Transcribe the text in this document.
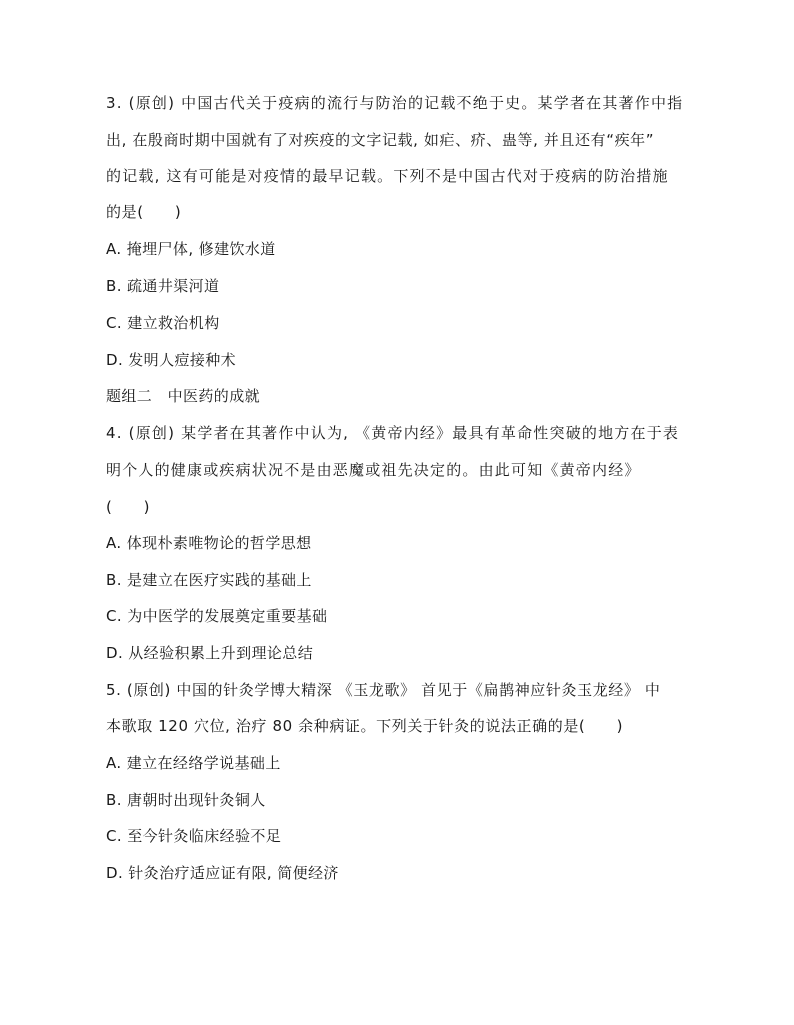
3. (原创) 中国古代关于疫病的流行与防治的记载不绝于史。某学者在其著作中指
出, 在殷商时期中国就有了对疾疫的文字记载, 如疟、疥、蛊等, 并且还有“疾年”
的记载, 这有可能是对疫情的最早记载。下列不是中国古代对于疫病的防治措施
的是(　　)
A. 掩埋尸体, 修建饮水道
B. 疏通井渠河道
C. 建立救治机构
D. 发明人痘接种术
题组二　中医药的成就
4. (原创) 某学者在其著作中认为, 《黄帝内经》最具有革命性突破的地方在于表
明个人的健康或疾病状况不是由恶魔或祖先决定的。由此可知《黄帝内经》
(　　)
A. 体现朴素唯物论的哲学思想
B. 是建立在医疗实践的基础上
C. 为中医学的发展奠定重要基础
D. 从经验积累上升到理论总结
5. (原创) 中国的针灸学博大精深 《玉龙歌》 首见于《扁鹊神应针灸玉龙经》 中
本歌取 120 穴位, 治疗 80 余种病证。下列关于针灸的说法正确的是(　　)
A. 建立在经络学说基础上
B. 唐朝时出现针灸铜人
C. 至今针灸临床经验不足
D. 针灸治疗适应证有限, 简便经济
